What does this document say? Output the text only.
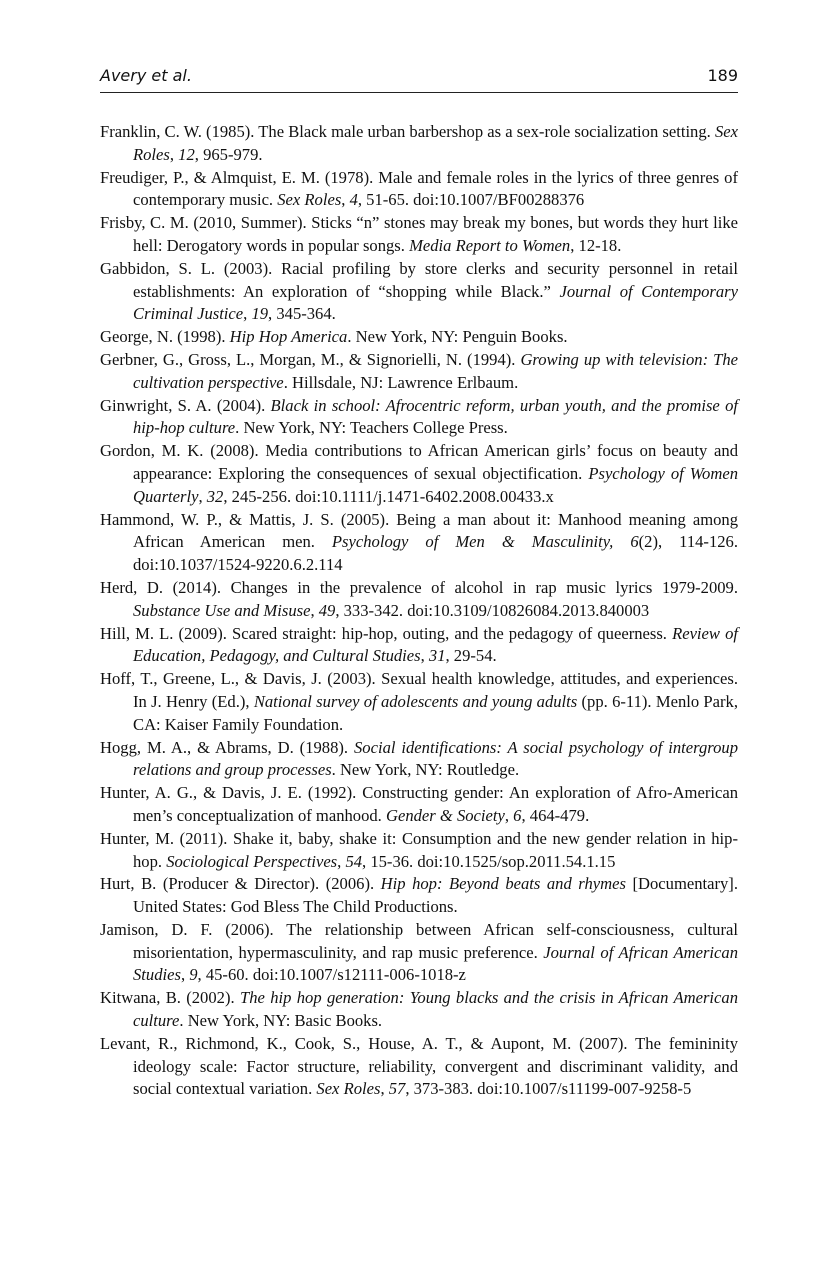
Avery et al.	189

Franklin, C. W. (1985). The Black male urban barbershop as a sex-role socialization setting. Sex Roles, 12, 965-979.

Freudiger, P., & Almquist, E. M. (1978). Male and female roles in the lyrics of three genres of contemporary music. Sex Roles, 4, 51-65. doi:10.1007/BF00288376

Frisby, C. M. (2010, Summer). Sticks “n” stones may break my bones, but words they hurt like hell: Derogatory words in popular songs. Media Report to Women, 12-18.

Gabbidon, S. L. (2003). Racial profiling by store clerks and security personnel in retail establishments: An exploration of “shopping while Black.” Journal of Contemporary Criminal Justice, 19, 345-364.

George, N. (1998). Hip Hop America. New York, NY: Penguin Books.

Gerbner, G., Gross, L., Morgan, M., & Signorielli, N. (1994). Growing up with television: The cultivation perspective. Hillsdale, NJ: Lawrence Erlbaum.

Ginwright, S. A. (2004). Black in school: Afrocentric reform, urban youth, and the promise of hip-hop culture. New York, NY: Teachers College Press.

Gordon, M. K. (2008). Media contributions to African American girls’ focus on beauty and appearance: Exploring the consequences of sexual objectification. Psychology of Women Quarterly, 32, 245-256. doi:10.1111/j.1471-6402.2008.00433.x

Hammond, W. P., & Mattis, J. S. (2005). Being a man about it: Manhood meaning among African American men. Psychology of Men & Masculinity, 6(2), 114-126. doi:10.1037/1524-9220.6.2.114

Herd, D. (2014). Changes in the prevalence of alcohol in rap music lyrics 1979-2009. Substance Use and Misuse, 49, 333-342. doi:10.3109/10826084.2013.840003

Hill, M. L. (2009). Scared straight: hip-hop, outing, and the pedagogy of queerness. Review of Education, Pedagogy, and Cultural Studies, 31, 29-54.

Hoff, T., Greene, L., & Davis, J. (2003). Sexual health knowledge, attitudes, and experiences. In J. Henry (Ed.), National survey of adolescents and young adults (pp. 6-11). Menlo Park, CA: Kaiser Family Foundation.

Hogg, M. A., & Abrams, D. (1988). Social identifications: A social psychology of intergroup relations and group processes. New York, NY: Routledge.

Hunter, A. G., & Davis, J. E. (1992). Constructing gender: An exploration of Afro-American men’s conceptualization of manhood. Gender & Society, 6, 464-479.

Hunter, M. (2011). Shake it, baby, shake it: Consumption and the new gender relation in hip-hop. Sociological Perspectives, 54, 15-36. doi:10.1525/sop.2011.54.1.15

Hurt, B. (Producer & Director). (2006). Hip hop: Beyond beats and rhymes [Documentary]. United States: God Bless The Child Productions.

Jamison, D. F. (2006). The relationship between African self-consciousness, cultural misorientation, hypermasculinity, and rap music preference. Journal of African American Studies, 9, 45-60. doi:10.1007/s12111-006-1018-z

Kitwana, B. (2002). The hip hop generation: Young blacks and the crisis in African American culture. New York, NY: Basic Books.

Levant, R., Richmond, K., Cook, S., House, A. T., & Aupont, M. (2007). The femininity ideology scale: Factor structure, reliability, convergent and discriminant validity, and social contextual variation. Sex Roles, 57, 373-383. doi:10.1007/s11199-007-9258-5
